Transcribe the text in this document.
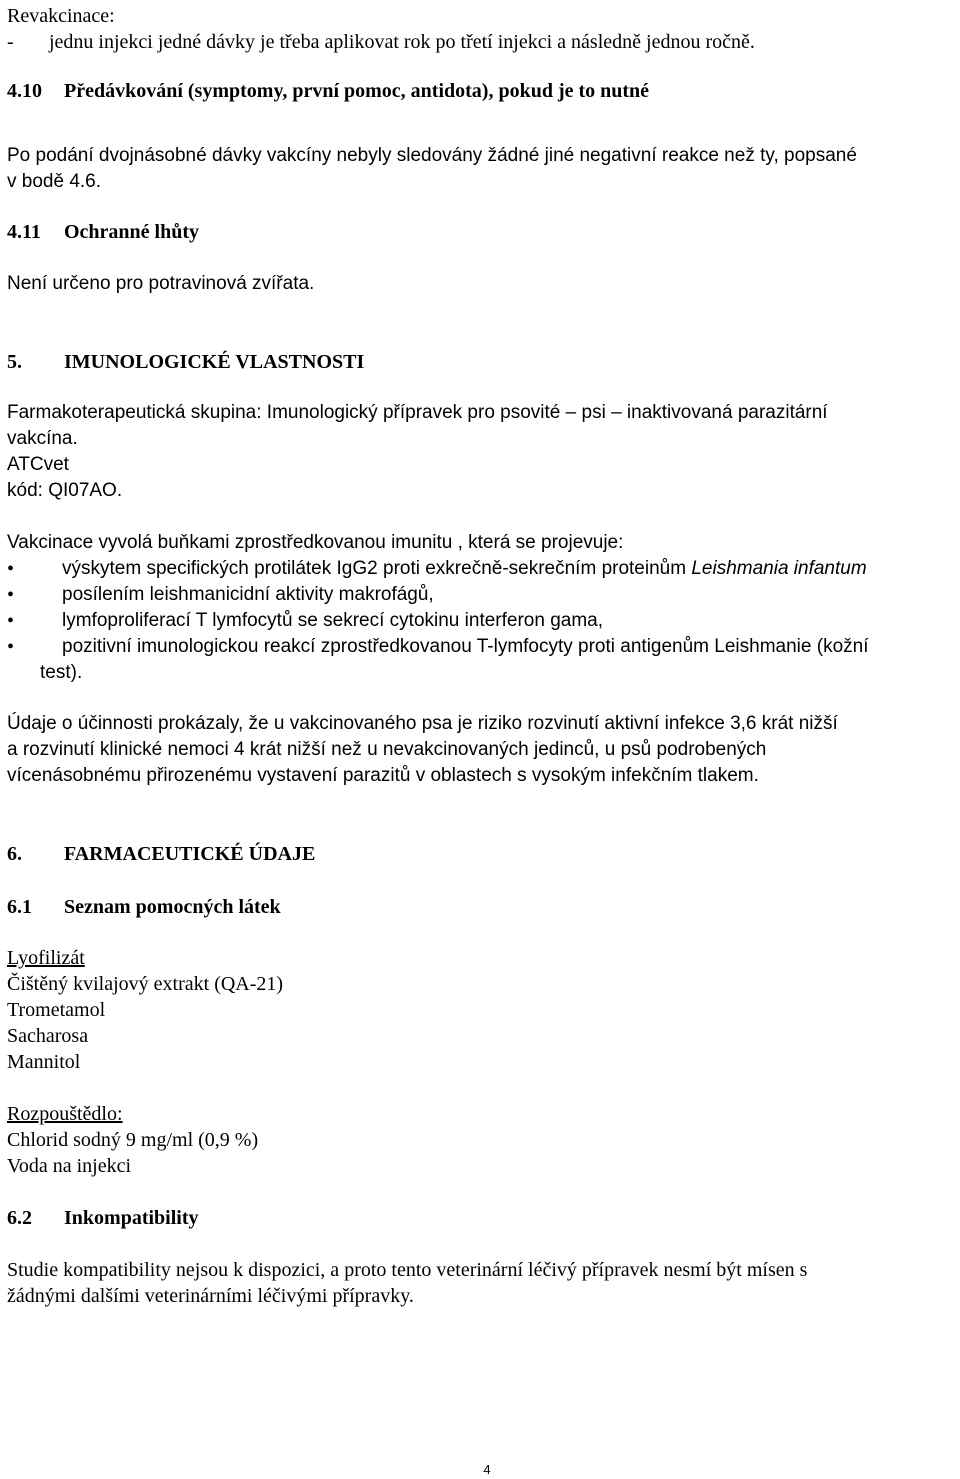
Revakcinace:
- jednu injekci jedné dávky je třeba aplikovat rok po třetí injekci a následně jednou ročně.
4.10 Předávkování (symptomy, první pomoc, antidota), pokud je to nutné
Po podání dvojnásobné dávky vakcíny nebyly sledovány žádné jiné negativní reakce než ty, popsané
v bodě 4.6.
4.11 Ochranné lhůty
Není určeno pro potravinová zvířata.
5. IMUNOLOGICKÉ VLASTNOSTI
Farmakoterapeutická skupina: Imunologický přípravek pro psovité – psi – inaktivovaná parazitární
vakcína.
ATCvet
kód: QI07AO.
Vakcinace vyvolá buňkami zprostředkovanou imunitu , která se projevuje:
•	výskytem specifických protilátek IgG2 proti exkrečně-sekrečním proteinům Leishmania infantum
•	posílením leishmanicidní aktivity makrofágů,
•	lymfoproliferací T lymfocytů se sekrecí cytokinu interferon gama,
•	pozitivní imunologickou reakcí zprostředkovanou T-lymfocyty proti antigenům Leishmanie (kožní
test).
Údaje o účinnosti prokázaly, že u vakcinovaného psa je riziko rozvinutí aktivní infekce 3,6 krát nižší
a rozvinutí klinické nemoci 4 krát nižší než u nevakcinovaných jedinců, u psů podrobených
vícenásobnému přirozenému vystavení parazitů v oblastech s vysokým infekčním tlakem.
6. FARMACEUTICKÉ ÚDAJE
6.1 Seznam pomocných látek
Lyofilizát
Čištěný kvilajový extrakt (QA-21)
Trometamol
Sacharosa
Mannitol
Rozpouštědlo:
Chlorid sodný 9 mg/ml (0,9 %)
Voda na injekci
6.2 Inkompatibility
Studie kompatibility nejsou k dispozici, a proto tento veterinární léčivý přípravek nesmí být mísen s
žádnými dalšími veterinárními léčivými přípravky.
4
